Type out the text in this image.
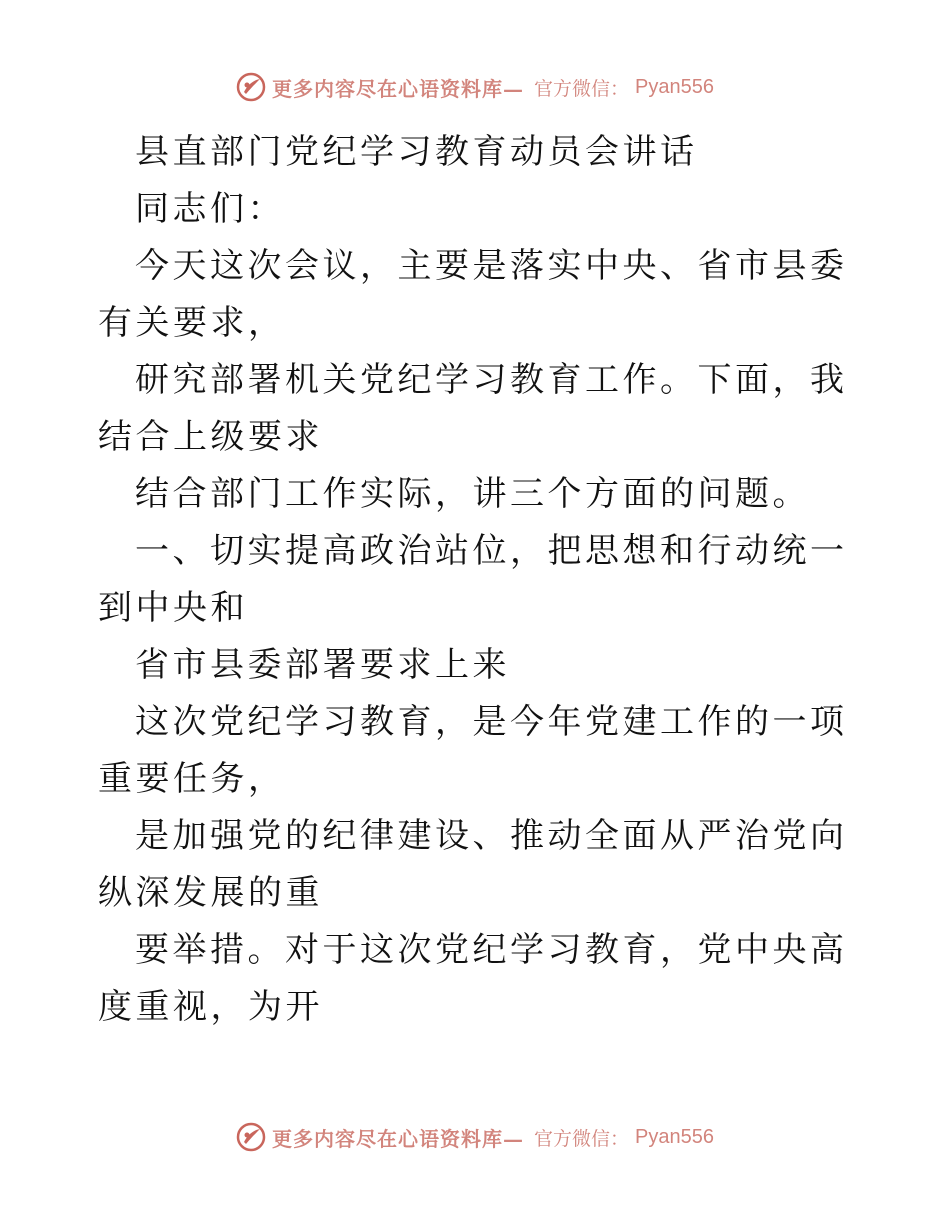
更多内容尽在心语资料库— 官方微信： Pyan556

县直部门党纪学习教育动员会讲话

同志们：

今天这次会议，主要是落实中央、省市县委有关要求，

研究部署机关党纪学习教育工作。下面，我结合上级要求

结合部门工作实际，讲三个方面的问题。

一、切实提高政治站位，把思想和行动统一到中央和

省市县委部署要求上来

这次党纪学习教育，是今年党建工作的一项重要任务，

是加强党的纪律建设、推动全面从严治党向纵深发展的重

要举措。对于这次党纪学习教育，党中央高度重视，为开

更多内容尽在心语资料库— 官方微信： Pyan556
